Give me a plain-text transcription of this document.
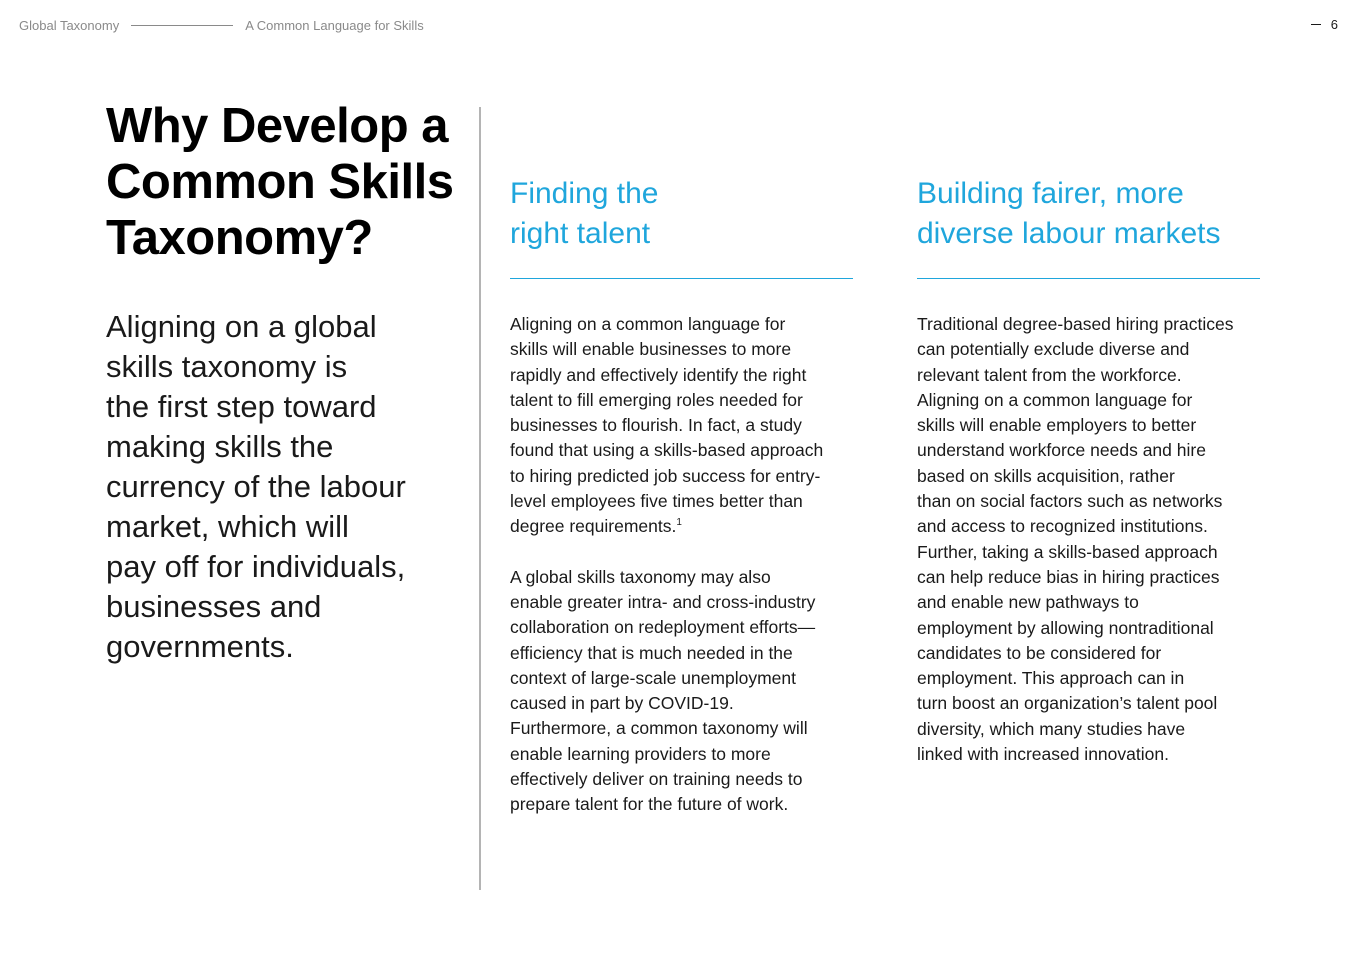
Global Taxonomy	A Common Language for Skills	6
Why Develop a
Common Skills
Taxonomy?

Aligning on a global
skills taxonomy is
the first step toward
making skills the
currency of the labour
market, which will
pay off for individuals,
businesses and
governments.

Finding the
right talent

Aligning on a common language for
skills will enable businesses to more
rapidly and effectively identify the right
talent to fill emerging roles needed for
businesses to flourish. In fact, a study
found that using a skills-based approach
to hiring predicted job success for entry-
level employees five times better than
degree requirements.$^1$

A global skills taxonomy may also
enable greater intra- and cross-industry
collaboration on redeployment efforts—
efficiency that is much needed in the
context of large-scale unemployment
caused in part by COVID-19.
Furthermore, a common taxonomy will
enable learning providers to more
effectively deliver on training needs to
prepare talent for the future of work.

Building fairer, more
diverse labour markets

Traditional degree-based hiring practices
can potentially exclude diverse and
relevant talent from the workforce.
Aligning on a common language for
skills will enable employers to better
understand workforce needs and hire
based on skills acquisition, rather
than on social factors such as networks
and access to recognized institutions.
Further, taking a skills-based approach
can help reduce bias in hiring practices
and enable new pathways to
employment by allowing nontraditional
candidates to be considered for
employment. This approach can in
turn boost an organization’s talent pool
diversity, which many studies have
linked with increased innovation.
